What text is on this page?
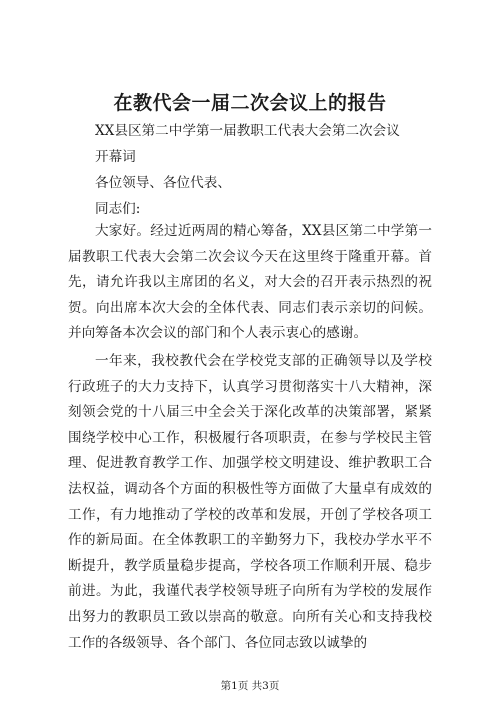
在教代会一届二次会议上的报告
XX县区第二中学第一届教职工代表大会第二次会议
开幕词
各位领导、各位代表、
同志们:
大家好。经过近两周的精心筹备，XX县区第二中学第一届教职工代表大会第二次会议今天在这里终于隆重开幕。首先，请允许我以主席团的名义，对大会的召开表示热烈的祝贺。向出席本次大会的全体代表、同志们表示亲切的问候。并向筹备本次会议的部门和个人表示衷心的感谢。
一年来，我校教代会在学校党支部的正确领导以及学校行政班子的大力支持下，认真学习贯彻落实十八大精神，深刻领会党的十八届三中全会关于深化改革的决策部署，紧紧围绕学校中心工作，积极履行各项职责，在参与学校民主管理、促进教育教学工作、加强学校文明建设、维护教职工合法权益，调动各个方面的积极性等方面做了大量卓有成效的工作，有力地推动了学校的改革和发展，开创了学校各项工作的新局面。在全体教职工的辛勤努力下，我校办学水平不断提升，教学质量稳步提高，学校各项工作顺利开展、稳步前进。为此，我谨代表学校领导班子向所有为学校的发展作出努力的教职员工致以崇高的敬意。向所有关心和支持我校工作的各级领导、各个部门、各位同志致以诚挚的
第1页 共3页
